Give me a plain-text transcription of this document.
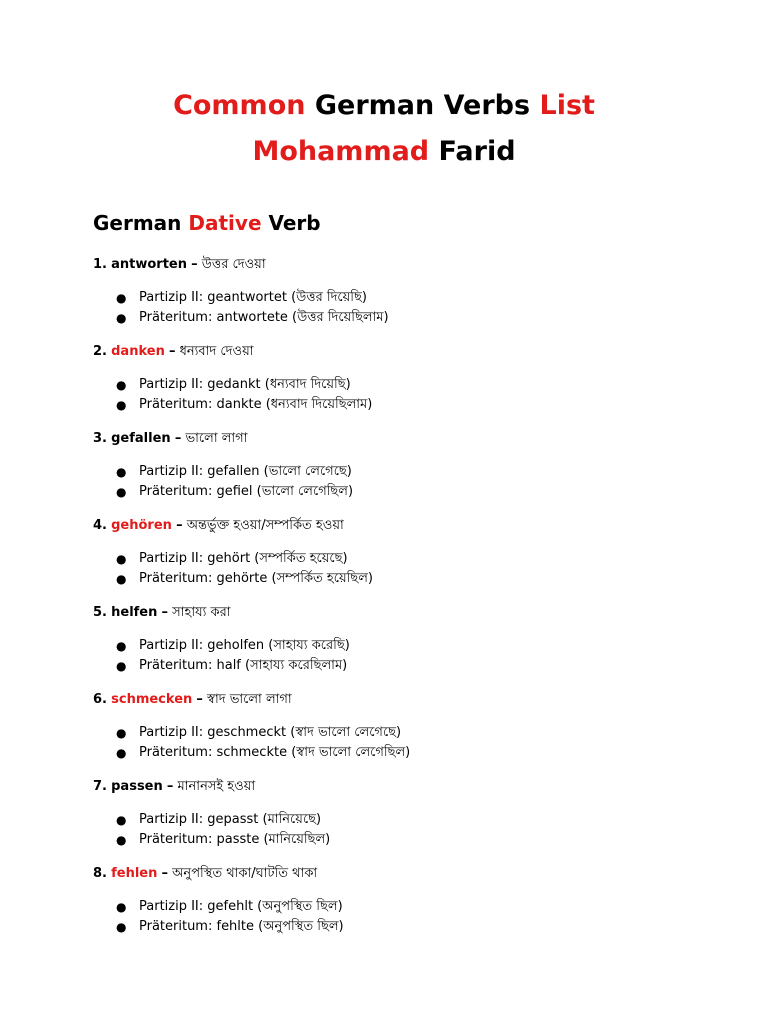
Common German Verbs List
Mohammad Farid
German Dative Verb
1. antworten – উত্তর দেওয়া
● Partizip II: geantwortet (উত্তর দিয়েছি)
● Präteritum: antwortete (উত্তর দিয়েছিলাম)
2. danken – ধন্যবাদ দেওয়া
● Partizip II: gedankt (ধন্যবাদ দিয়েছি)
● Präteritum: dankte (ধন্যবাদ দিয়েছিলাম)
3. gefallen – ভালো লাগা
● Partizip II: gefallen (ভালো লেগেছে)
● Präteritum: gefiel (ভালো লেগেছিল)
4. gehören – অন্তর্ভুক্ত হওয়া/সম্পর্কিত হওয়া
● Partizip II: gehört (সম্পর্কিত হয়েছে)
● Präteritum: gehörte (সম্পর্কিত হয়েছিল)
5. helfen – সাহায্য করা
● Partizip II: geholfen (সাহায্য করেছি)
● Präteritum: half (সাহায্য করেছিলাম)
6. schmecken – স্বাদ ভালো লাগা
● Partizip II: geschmeckt (স্বাদ ভালো লেগেছে)
● Präteritum: schmeckte (স্বাদ ভালো লেগেছিল)
7. passen – মানানসই হওয়া
● Partizip II: gepasst (মানিয়েছে)
● Präteritum: passte (মানিয়েছিল)
8. fehlen – অনুপস্থিত থাকা/ঘাটতি থাকা
● Partizip II: gefehlt (অনুপস্থিত ছিল)
● Präteritum: fehlte (অনুপস্থিত ছিল)
